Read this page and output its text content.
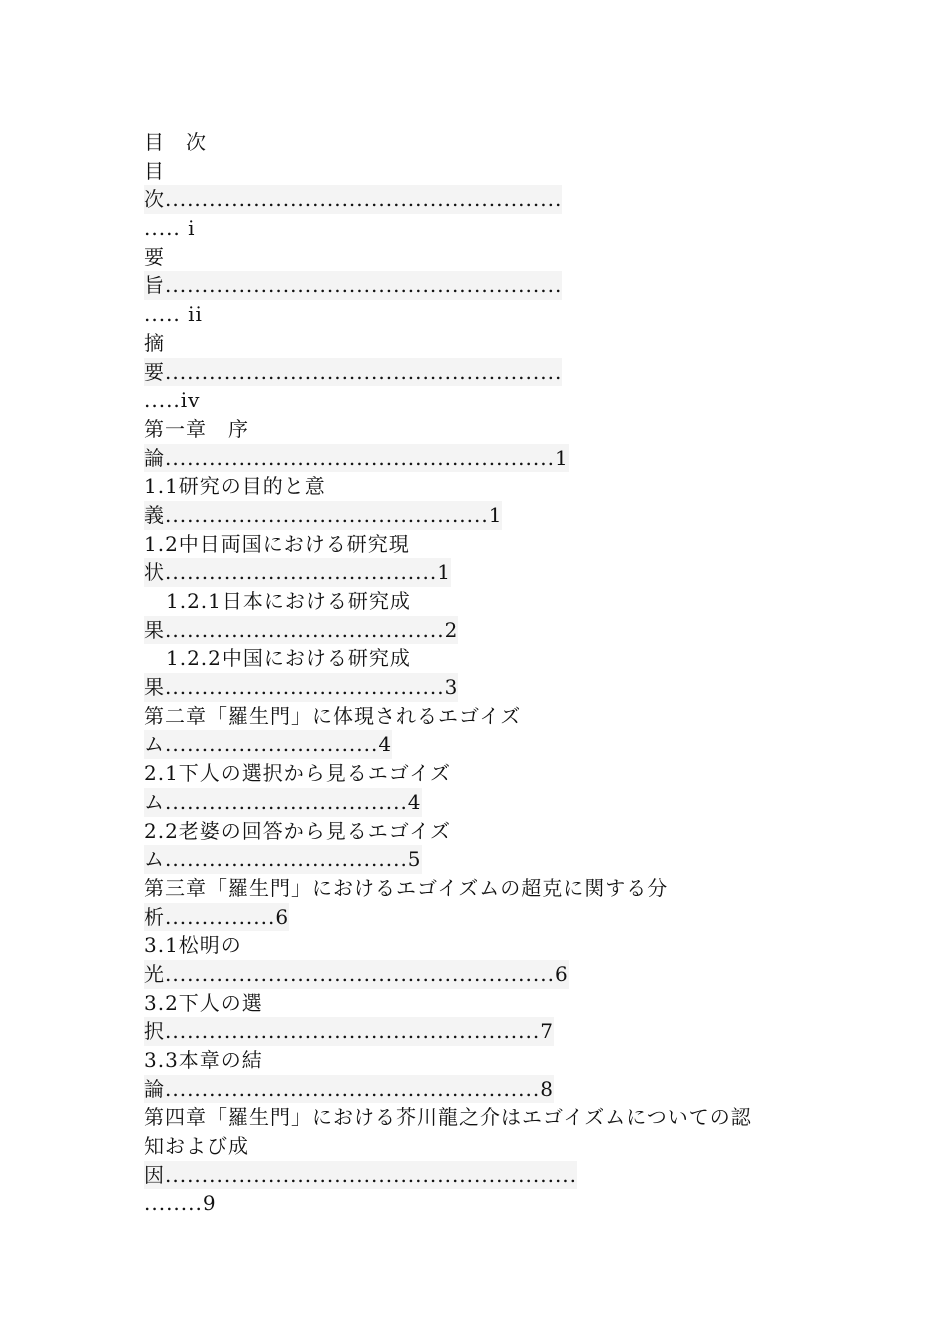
目　次
目
次......................................................
..... i
要
旨......................................................
..... ii
摘
要......................................................
.....iv
第一章　序
論.....................................................1
1.1研究の目的と意
義............................................1
1.2中日両国における研究現
状.....................................1
1.2.1日本における研究成
果......................................2
1.2.2中国における研究成
果......................................3
第二章「羅生門」に体現されるエゴイズ
ム.............................4
2.1下人の選択から見るエゴイズ
ム.................................4
2.2老婆の回答から見るエゴイズ
ム.................................5
第三章「羅生門」におけるエゴイズムの超克に関する分
析...............6
3.1松明の
光.....................................................6
3.2下人の選
択...................................................7
3.3本章の結
論...................................................8
第四章「羅生門」における芥川龍之介はエゴイズムについての認
知および成
因........................................................
........9
